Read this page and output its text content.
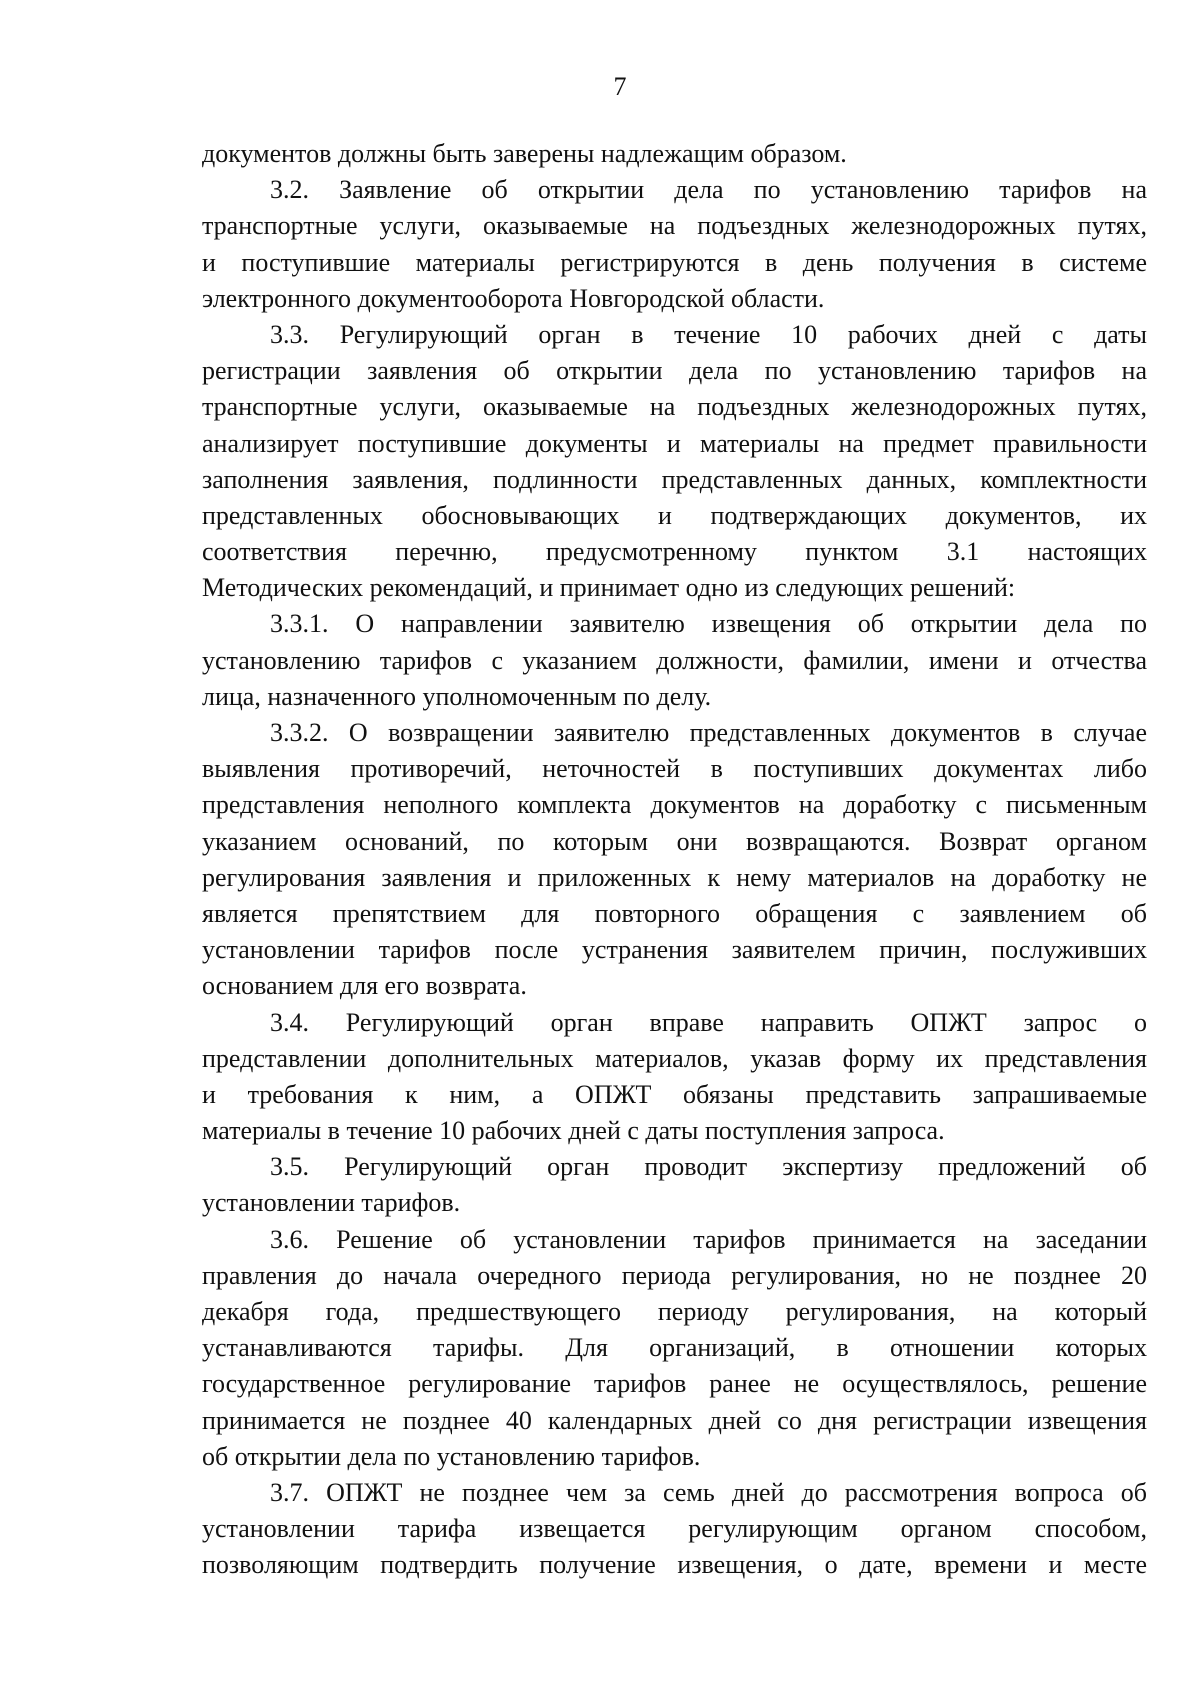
7
документов должны быть заверены надлежащим образом.
3.2. Заявление об открытии дела по установлению тарифов на
транспортные услуги, оказываемые на подъездных железнодорожных путях,
и поступившие материалы регистрируются в день получения в системе
электронного документооборота Новгородской области.
3.3. Регулирующий орган в течение 10 рабочих дней с даты
регистрации заявления об открытии дела по установлению тарифов на
транспортные услуги, оказываемые на подъездных железнодорожных путях,
анализирует поступившие документы и материалы на предмет правильности
заполнения заявления, подлинности представленных данных, комплектности
представленных обосновывающих и подтверждающих документов, их
соответствия перечню, предусмотренному пунктом 3.1 настоящих
Методических рекомендаций, и принимает одно из следующих решений:
3.3.1. О направлении заявителю извещения об открытии дела по
установлению тарифов с указанием должности, фамилии, имени и отчества
лица, назначенного уполномоченным по делу.
3.3.2. О возвращении заявителю представленных документов в случае
выявления противоречий, неточностей в поступивших документах либо
представления неполного комплекта документов на доработку с письменным
указанием оснований, по которым они возвращаются. Возврат органом
регулирования заявления и приложенных к нему материалов на доработку не
является препятствием для повторного обращения с заявлением об
установлении тарифов после устранения заявителем причин, послуживших
основанием для его возврата.
3.4. Регулирующий орган вправе направить ОПЖТ запрос о
представлении дополнительных материалов, указав форму их представления
и требования к ним, а ОПЖТ обязаны представить запрашиваемые
материалы в течение 10 рабочих дней с даты поступления запроса.
3.5. Регулирующий орган проводит экспертизу предложений об
установлении тарифов.
3.6. Решение об установлении тарифов принимается на заседании
правления до начала очередного периода регулирования, но не позднее 20
декабря года, предшествующего периоду регулирования, на который
устанавливаются тарифы. Для организаций, в отношении которых
государственное регулирование тарифов ранее не осуществлялось, решение
принимается не позднее 40 календарных дней со дня регистрации извещения
об открытии дела по установлению тарифов.
3.7. ОПЖТ не позднее чем за семь дней до рассмотрения вопроса об
установлении тарифа извещается регулирующим органом способом,
позволяющим подтвердить получение извещения, о дате, времени и месте
